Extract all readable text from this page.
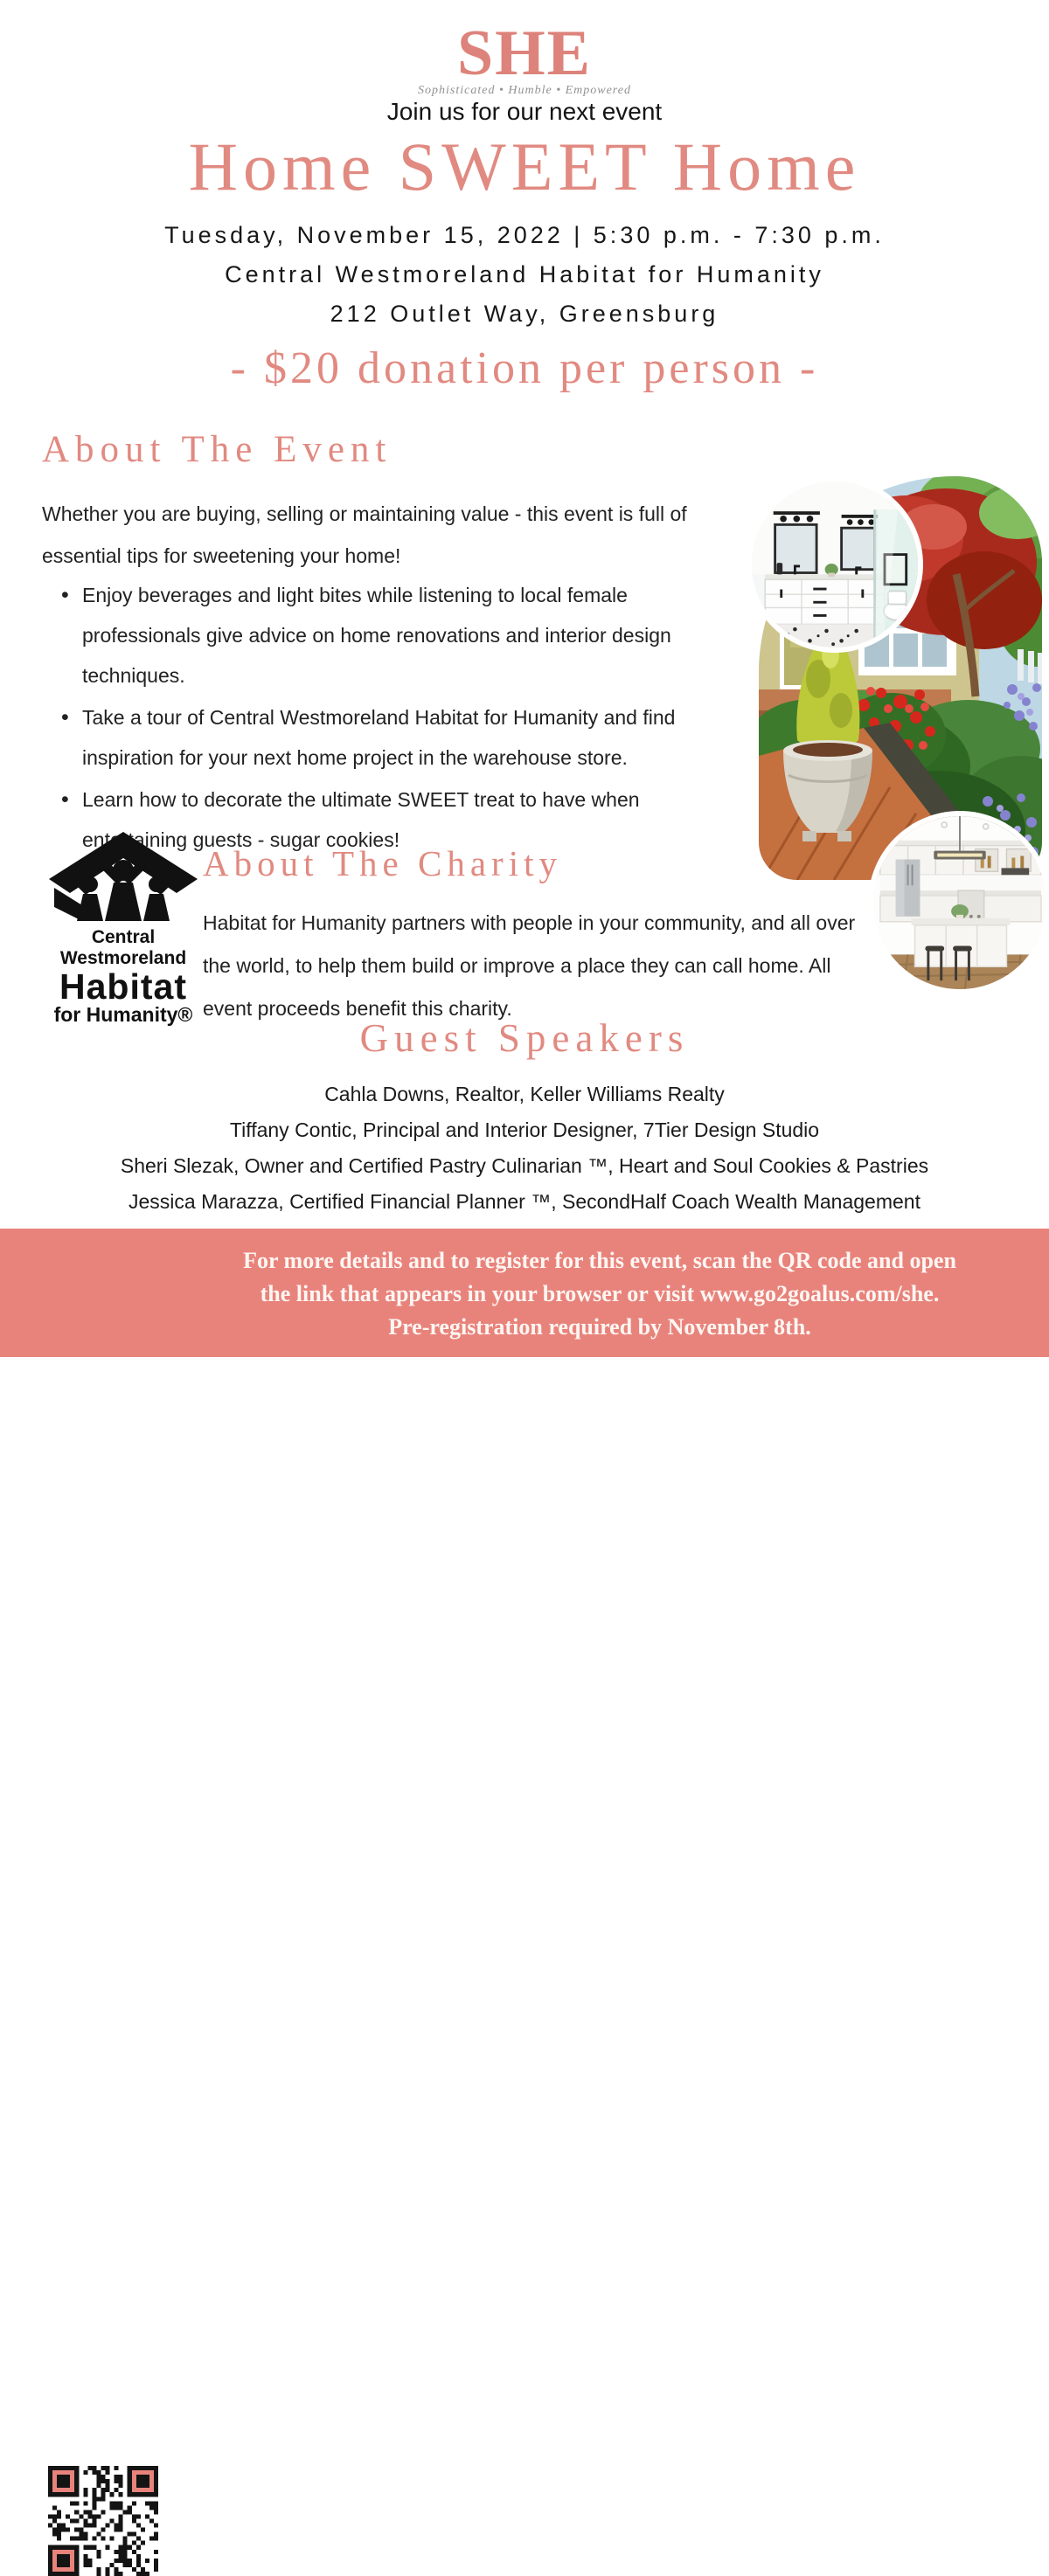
SHE
Sophisticated • Humble • Empowered
Join us for our next event
Home SWEET Home
Tuesday, November 15, 2022 | 5:30 p.m. - 7:30 p.m.
Central Westmoreland Habitat for Humanity
212 Outlet Way, Greensburg
- $20 donation per person -
About The Event
Whether you are buying, selling or maintaining value - this event is full of essential tips for sweetening your home!
• Enjoy beverages and light bites while listening to local female professionals give advice on home renovations and interior design techniques.
• Take a tour of Central Westmoreland Habitat for Humanity and find inspiration for your next home project in the warehouse store.
• Learn how to decorate the ultimate SWEET treat to have when entertaining guests - sugar cookies!
Central Westmoreland
Habitat
for Humanity®
About The Charity
Habitat for Humanity partners with people in your community, and all over the world, to help them build or improve a place they can call home. All event proceeds benefit this charity.
Guest Speakers
Cahla Downs, Realtor, Keller Williams Realty
Tiffany Contic, Principal and Interior Designer, 7Tier Design Studio
Sheri Slezak, Owner and Certified Pastry Culinarian ™, Heart and Soul Cookies & Pastries
Jessica Marazza, Certified Financial Planner ™, SecondHalf Coach Wealth Management
For more details and to register for this event, scan the QR code and open
the link that appears in your browser or visit www.go2goalus.com/she.
Pre-registration required by November 8th.
